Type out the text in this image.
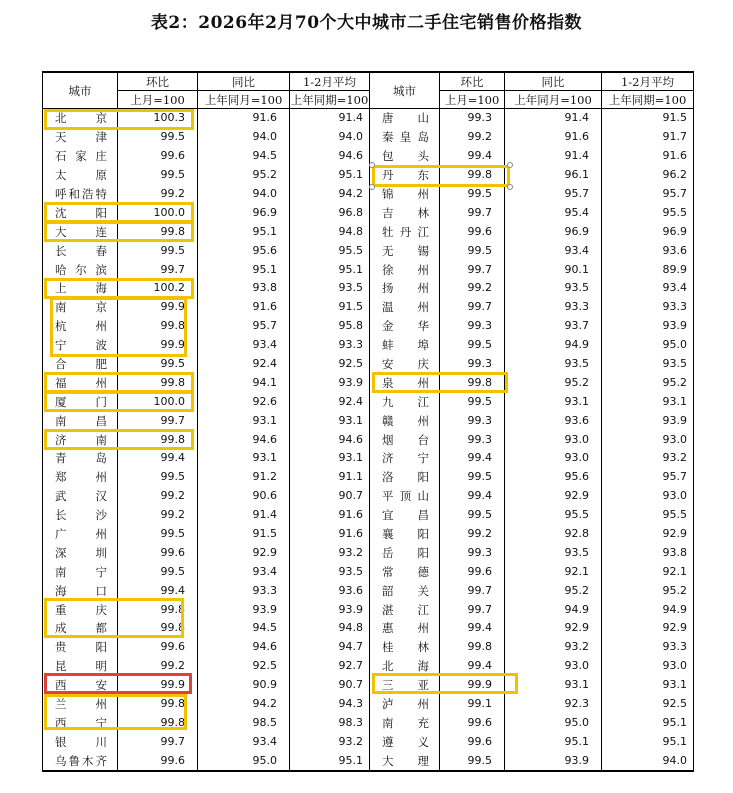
表2：2026年2月70个大中城市二手住宅销售价格指数
城市	环比	同比	1-2月平均	城市	环比	同比	1-2月平均
	上月=100	上年同月=100	上年同期=100		上月=100	上年同月=100	上年同期=100
北　　京	100.3	91.6	91.4	唐　　山	99.3	91.4	91.5
天　　津	99.5	94.0	94.0	秦 皇 岛	99.2	91.6	91.7
石 家 庄	99.6	94.5	94.6	包　　头	99.4	91.4	91.6
太　　原	99.5	95.2	95.1	丹　　东	99.8	96.1	96.2
呼和浩特	99.2	94.0	94.2	锦　　州	99.5	95.7	95.7
沈　　阳	100.0	96.9	96.8	吉　　林	99.7	95.4	95.5
大　　连	99.8	95.1	94.8	牡 丹 江	99.6	96.9	96.9
长　　春	99.5	95.6	95.5	无　　锡	99.5	93.4	93.6
哈 尔 滨	99.7	95.1	95.1	徐　　州	99.7	90.1	89.9
上　　海	100.2	93.8	93.5	扬　　州	99.2	93.5	93.4
南　　京	99.9	91.6	91.5	温　　州	99.7	93.3	93.3
杭　　州	99.8	95.7	95.8	金　　华	99.3	93.7	93.9
宁　　波	99.9	93.4	93.3	蚌　　埠	99.5	94.9	95.0
合　　肥	99.5	92.4	92.5	安　　庆	99.3	93.5	93.5
福　　州	99.8	94.1	93.9	泉　　州	99.8	95.2	95.2
厦　　门	100.0	92.6	92.4	九　　江	99.5	93.1	93.1
南　　昌	99.7	93.1	93.1	赣　　州	99.3	93.6	93.9
济　　南	99.8	94.6	94.6	烟　　台	99.3	93.0	93.0
青　　岛	99.4	93.1	93.1	济　　宁	99.4	93.0	93.2
郑　　州	99.5	91.2	91.1	洛　　阳	99.5	95.6	95.7
武　　汉	99.2	90.6	90.7	平 顶 山	99.4	92.9	93.0
长　　沙	99.2	91.4	91.6	宜　　昌	99.5	95.5	95.5
广　　州	99.5	91.5	91.6	襄　　阳	99.2	92.8	92.9
深　　圳	99.6	92.9	93.2	岳　　阳	99.3	93.5	93.8
南　　宁	99.5	93.4	93.5	常　　德	99.6	92.1	92.1
海　　口	99.4	93.3	93.6	韶　　关	99.7	95.2	95.2
重　　庆	99.8	93.9	93.9	湛　　江	99.7	94.9	94.9
成　　都	99.8	94.5	94.8	惠　　州	99.4	92.9	92.9
贵　　阳	99.6	94.6	94.7	桂　　林	99.8	93.2	93.3
昆　　明	99.2	92.5	92.7	北　　海	99.4	93.0	93.0
西　　安	99.9	90.9	90.7	三　　亚	99.9	93.1	93.1
兰　　州	99.8	94.2	94.3	泸　　州	99.1	92.3	92.5
西　　宁	99.8	98.5	98.3	南　　充	99.6	95.0	95.1
银　　川	99.7	93.4	93.2	遵　　义	99.6	95.1	95.1
乌鲁木齐	99.6	95.0	95.1	大　　理	99.5	93.9	94.0
